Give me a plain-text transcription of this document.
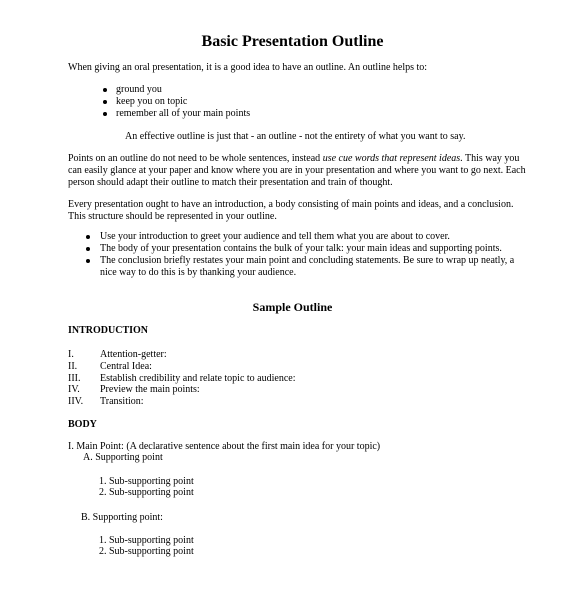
Basic Presentation Outline
When giving an oral presentation, it is a good idea to have an outline. An outline helps to:
ground you
keep you on topic
remember all of your main points
An effective outline is just that - an outline - not the entirety of what you want to say.
Points on an outline do not need to be whole sentences, instead use cue words that represent ideas. This way you
can easily glance at your paper and know where you are in your presentation and where you want to go next. Each
person should adapt their outline to match their presentation and train of thought.
Every presentation ought to have an introduction, a body consisting of main points and ideas, and a conclusion.
This structure should be represented in your outline.
Use your introduction to greet your audience and tell them what you are about to cover.
The body of your presentation contains the bulk of your talk: your main ideas and supporting points.
The conclusion briefly restates your main point and concluding statements. Be sure to wrap up neatly, a
nice way to do this is by thanking your audience.
Sample Outline
INTRODUCTION
I.	Attention-getter:
II. Central Idea:
III. Establish credibility and relate topic to audience:
IV. Preview the main points:
IIV. Transition:
BODY
I. Main Point: (A declarative sentence about the first main idea for your topic)
A. Supporting point
1. Sub-supporting point
2. Sub-supporting point
B. Supporting point:
1. Sub-supporting point
2. Sub-supporting point
